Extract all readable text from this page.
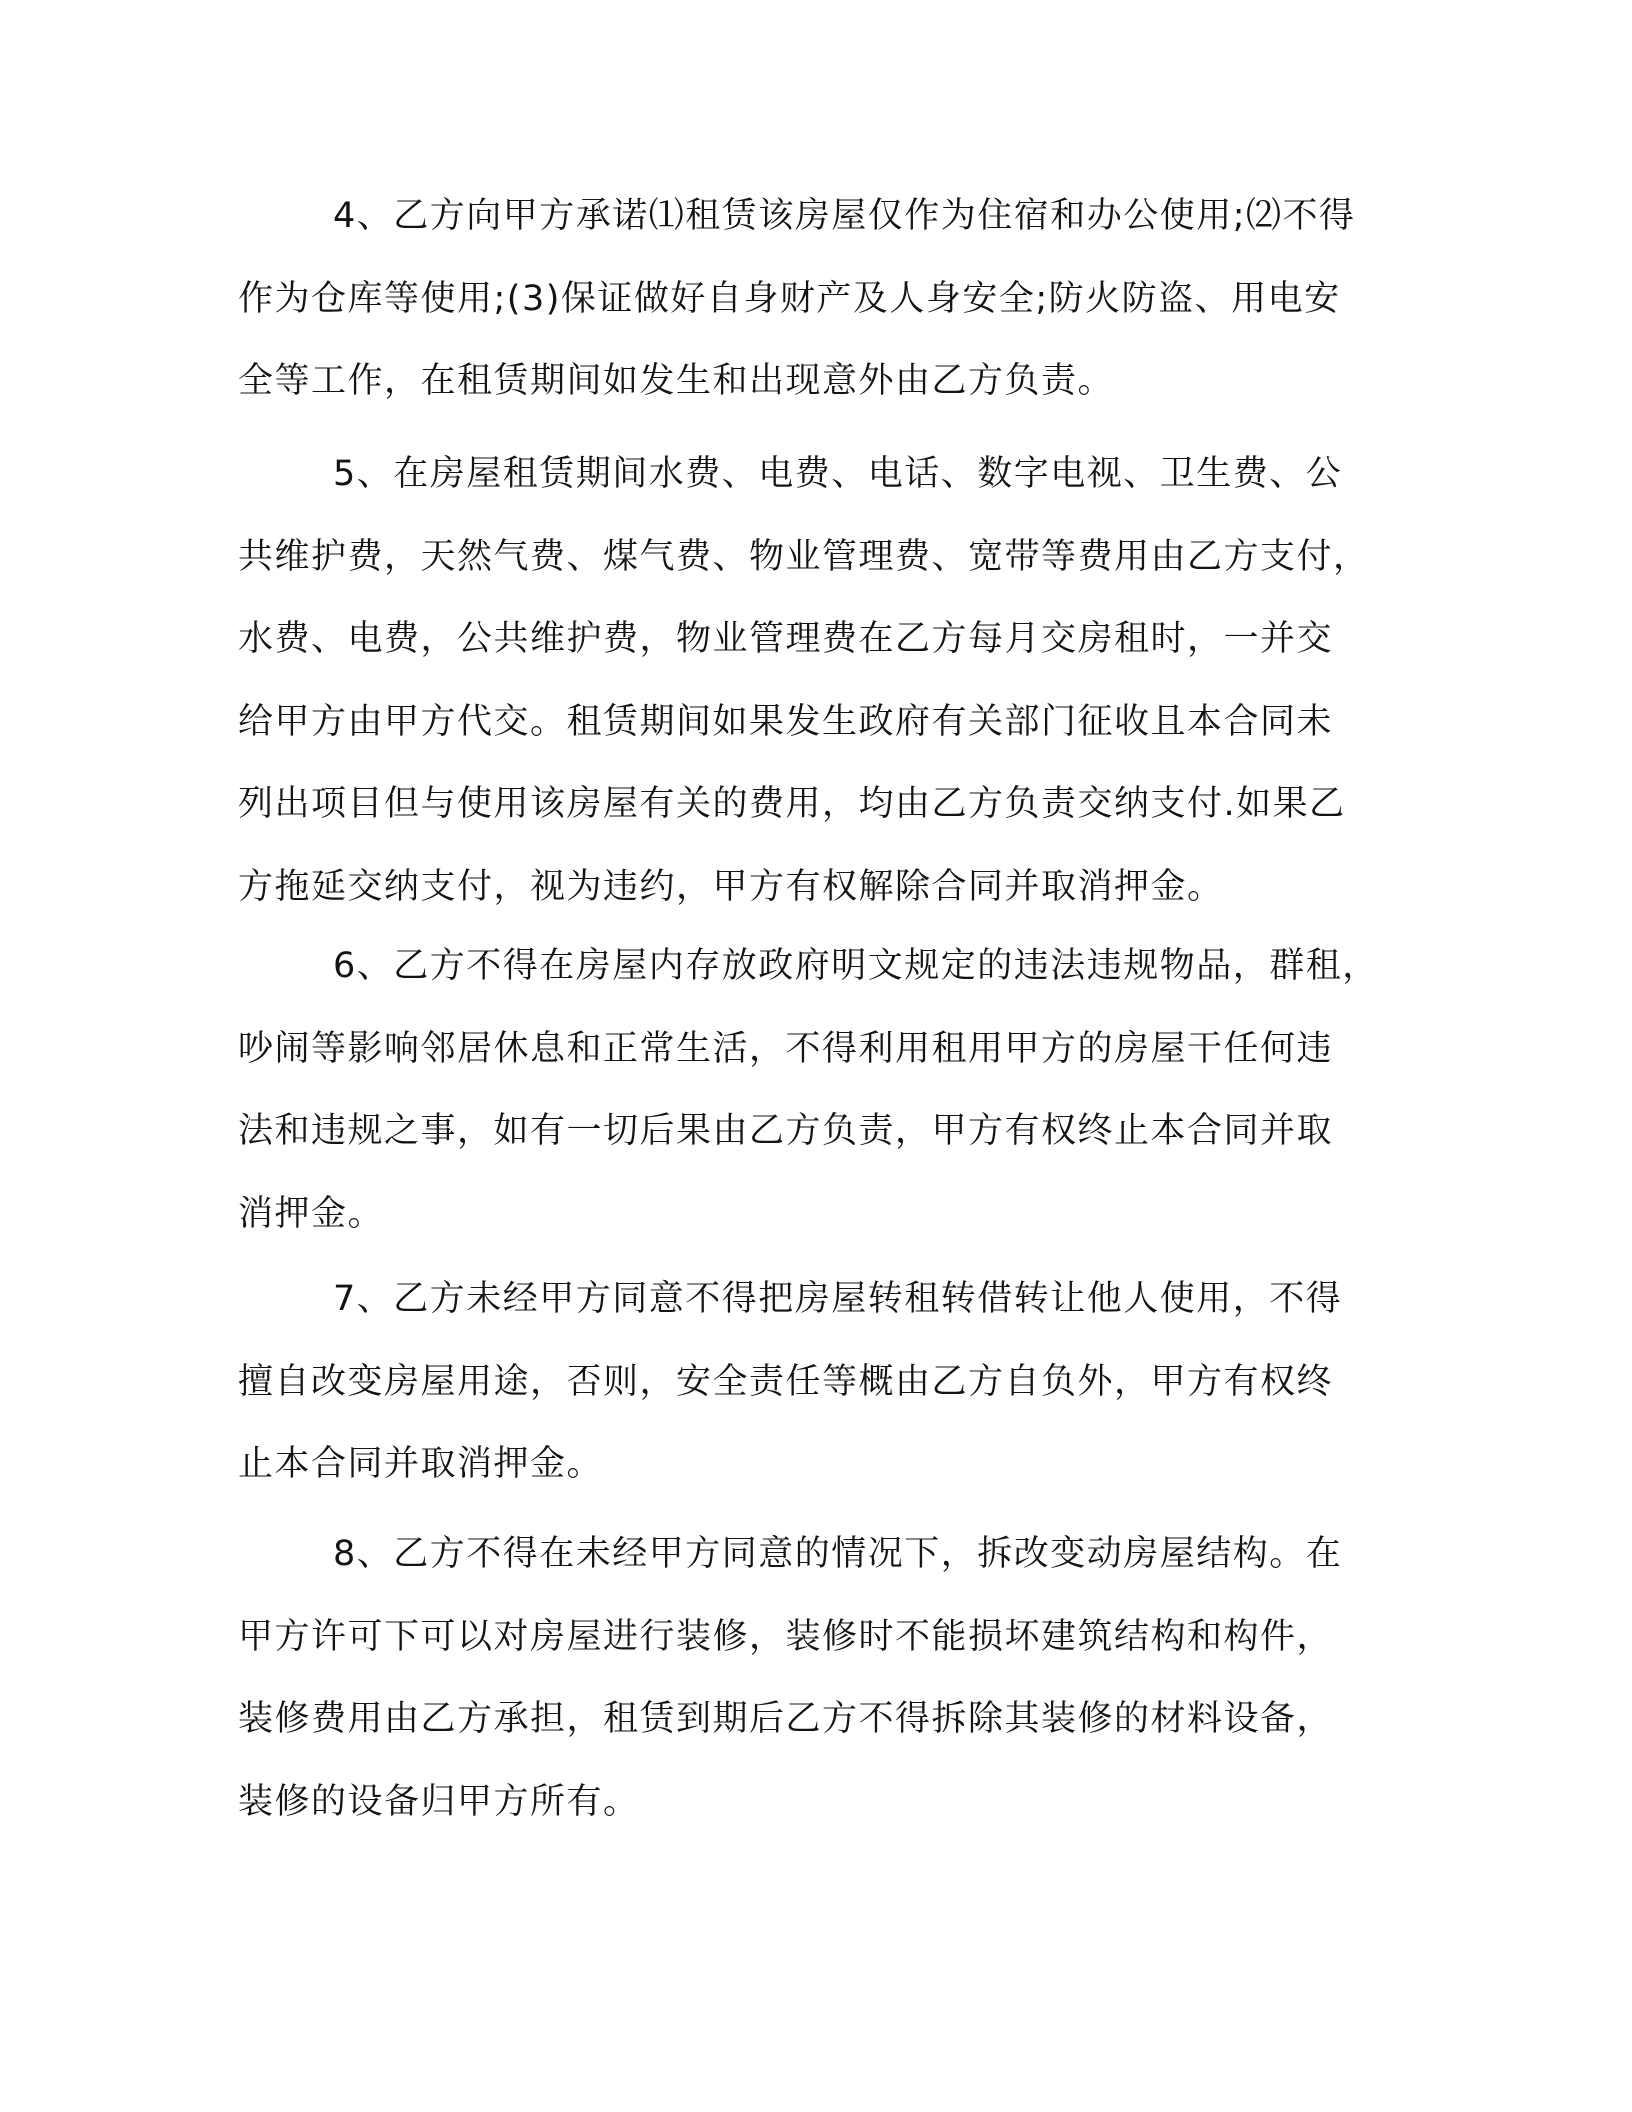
4、乙方向甲方承诺⑴租赁该房屋仅作为住宿和办公使用;⑵不得
作为仓库等使用;(3)保证做好自身财产及人身安全;防火防盗、用电安
全等工作，在租赁期间如发生和出现意外由乙方负责。
5、在房屋租赁期间水费、电费、电话、数字电视、卫生费、公
共维护费，天然气费、煤气费、物业管理费、宽带等费用由乙方支付，
水费、电费，公共维护费，物业管理费在乙方每月交房租时，一并交
给甲方由甲方代交。租赁期间如果发生政府有关部门征收且本合同未
列出项目但与使用该房屋有关的费用，均由乙方负责交纳支付.如果乙
方拖延交纳支付，视为违约，甲方有权解除合同并取消押金。
6、乙方不得在房屋内存放政府明文规定的违法违规物品，群租，
吵闹等影响邻居休息和正常生活，不得利用租用甲方的房屋干任何违
法和违规之事，如有一切后果由乙方负责，甲方有权终止本合同并取
消押金。
7、乙方未经甲方同意不得把房屋转租转借转让他人使用，不得
擅自改变房屋用途，否则，安全责任等概由乙方自负外，甲方有权终
止本合同并取消押金。
8、乙方不得在未经甲方同意的情况下，拆改变动房屋结构。在
甲方许可下可以对房屋进行装修，装修时不能损坏建筑结构和构件，
装修费用由乙方承担，租赁到期后乙方不得拆除其装修的材料设备，
装修的设备归甲方所有。
